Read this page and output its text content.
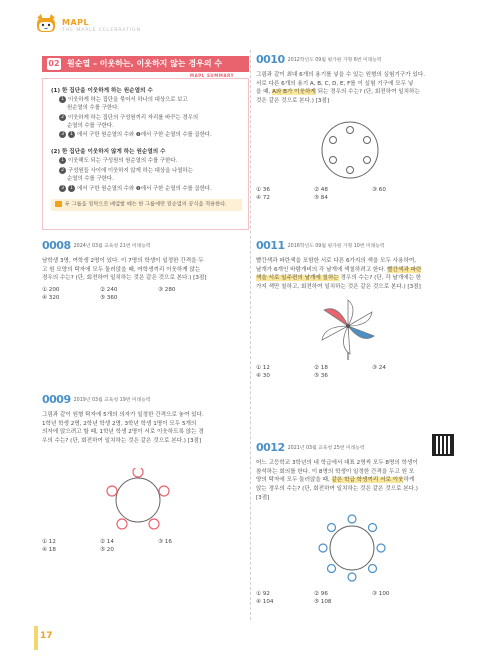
MAPL
THE MAPLE CELEBRATION
02 원순열 – 이웃하는, 이웃하지 않는 경우의 수
MAPL SUMMARY
(1) 한 집단을 이웃하게 하는 원순열의 수
1 이웃하게 하는 집단을 묶어서 하나의 대상으로 보고
원순열의 수를 구한다.
2 이웃하게 하는 집단의 구성원끼리 자리를 바꾸는 경우의
순열의 수를 구한다.
3 1 에서 구한 원순열의 수와 ❷에서 구한 순열의 수를 곱한다.
(2) 한 집단을 이웃하지 않게 하는 원순열의 수
1 이웃해도 되는 구성원의 원순열의 수를 구한다.
2 구성원들 사이에 이웃하지 않게 하는 대상을 나열하는
순열의 수를 구한다.
3 1 에서 구한 원순열의 수와 ❷에서 구한 순열의 수를 곱한다.
두 그룹을 원탁으로 배열할 때는 한 그룹에만 원순열의 공식을 적용한다.
0008 $^{2024년 03월 교육청 21번 미래능력}$
남학생 3명, 여학생 2명이 있다. 이 7명의 학생이 일정한 간격을 두
고 원 모양의 탁자에 모두 둘러앉을 때, 여학생끼리 이웃하게 앉는
경우의 수는? (단, 회전하여 일치하는 것은 같은 것으로 본다.) [3점]
① 200	② 240	③ 280
④ 320	⑤ 360
0009 $^{2019년 03월 교육청 19번 미래능력}$
그림과 같이 원형 탁자에 5개의 의자가 일정한 간격으로 놓여 있다.
1학년 학생 2명, 2학년 학생 2명, 3학년 학생 1명이 모두 5개의
의자에 앉으려고 할 때, 1학년 학생 2명이 서로 이웃하도록 앉는 경
우의 수는? (단, 회전하여 일치하는 것은 같은 것으로 본다.) [3점]
① 12	② 14	③ 16
④ 18	⑤ 20
0010 $^{2012학년도 09월 평가원 가형 6번 미래능력}$
그림과 같이 최대 6개의 용기를 넣을 수 있는 원형의 실험기구가 있다.
서로 다른 6개의 용기 A, B, C, D, E, F를 이 실험 기구에 모두 넣
을 때, A와 B가 이웃하게 되는 경우의 수는? (단, 회전하여 일치하는
것은 같은 것으로 본다.) [3점]
① 36	② 48	③ 60
④ 72	⑤ 84
0011 $^{2016학년도 09월 평가원 가형 10번 미래능력}$
빨간색과 파란색을 포함한 서로 다른 6가지의 색을 모두 사용하여,
날개가 6개인 바람개비의 각 날개에 색칠하려고 한다. 빨간색과 파란
색을 서로 일주편의 날개에 칠하는 경우의 수는? (단, 각 날개에는 한
가지 색만 칠하고, 회전하여 일치하는 것은 같은 것으로 본다.) [3점]
① 12	② 18	③ 24
④ 30	⑤ 36
0012 $^{2021년 03월 교육청 25번 미래능력}$
어느 고등학교 3학년의 네 학급에서 대표 2명씩 모두 8명의 학생이
참석하는 회의를 한다. 이 8명의 학생이 일정한 간격을 두고 원 모
양의 탁자에 모두 둘러앉을 때, 같은 학급 학생끼리 서로 이웃하게
앉는 경우의 수는? (단, 회전하여 일치하는 것은 같은 것으로 본다.)
[3점]
① 92	② 96	③ 100
④ 104	⑤ 108
17
